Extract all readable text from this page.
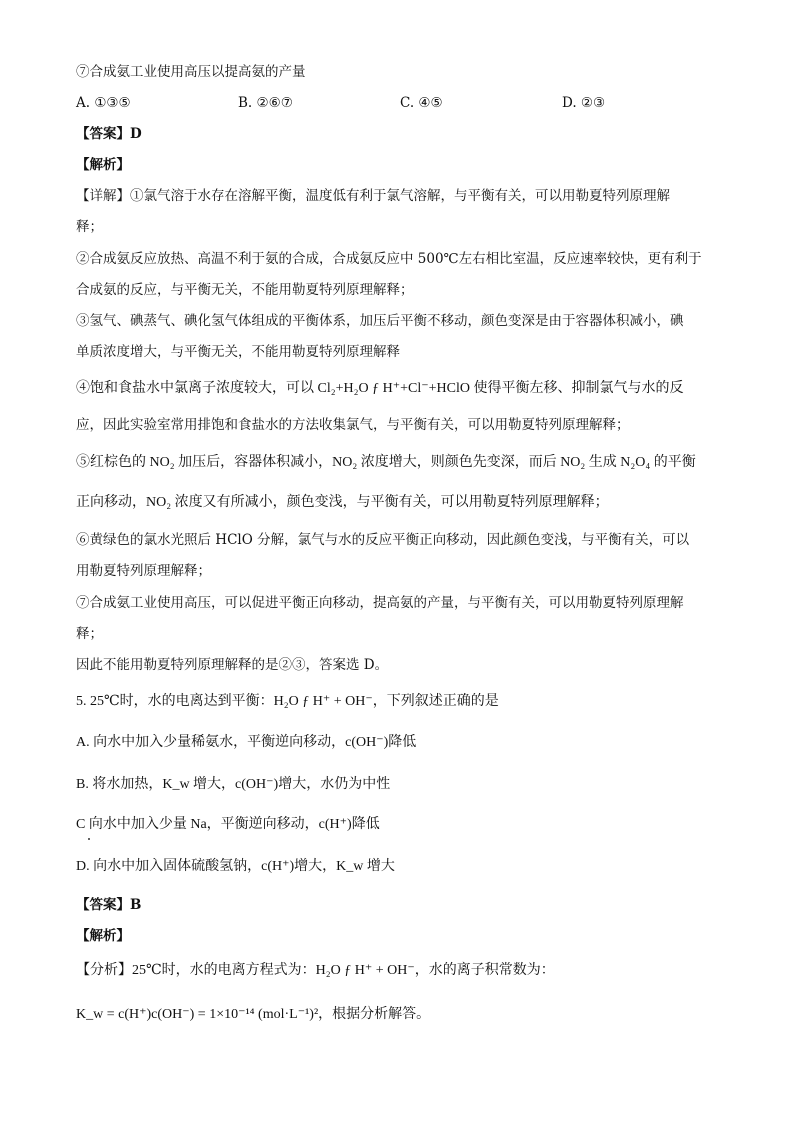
⑦合成氨工业使用高压以提高氨的产量
A. ①③⑤	B. ②⑥⑦	C. ④⑤	D. ②③
【答案】D
【解析】
【详解】①氯气溶于水存在溶解平衡，温度低有利于氯气溶解，与平衡有关，可以用勒夏特列原理解
释；
②合成氨反应放热、高温不利于氨的合成，合成氨反应中 500℃左右相比室温，反应速率较快，更有利于
合成氨的反应，与平衡无关，不能用勒夏特列原理解释；
③氢气、碘蒸气、碘化氢气体组成的平衡体系，加压后平衡不移动，颜色变深是由于容器体积减小，碘
单质浓度增大，与平衡无关，不能用勒夏特列原理解释
④饱和食盐水中氯离子浓度较大，可以 Cl₂+H₂O ƒ H⁺+Cl⁻+HClO 使得平衡左移、抑制氯气与水的反
应，因此实验室常用排饱和食盐水的方法收集氯气，与平衡有关，可以用勒夏特列原理解释；
⑤红棕色的 NO₂ 加压后，容器体积减小，NO₂ 浓度增大，则颜色先变深，而后 NO₂ 生成 N₂O₄ 的平衡
正向移动，NO₂ 浓度又有所减小，颜色变浅，与平衡有关，可以用勒夏特列原理解释；
⑥黄绿色的氯水光照后 HClO 分解，氯气与水的反应平衡正向移动，因此颜色变浅，与平衡有关，可以
用勒夏特列原理解释；
⑦合成氨工业使用高压，可以促进平衡正向移动，提高氨的产量，与平衡有关，可以用勒夏特列原理解
释；
因此不能用勒夏特列原理解释的是②③，答案选 D。
5. 25℃时，水的电离达到平衡：H₂O ƒ H⁺ + OH⁻，下列叙述正确的是
A. 向水中加入少量稀氨水，平衡逆向移动，c(OH⁻)降低
B. 将水加热，K_w 增大，c(OH⁻)增大，水仍为中性
C 向水中加入少量 Na，平衡逆向移动，c(H⁺)降低
D. 向水中加入固体硫酸氢钠，c(H⁺)增大，K_w 增大
【答案】B
【解析】
【分析】25℃时，水的电离方程式为：H₂O ƒ H⁺ + OH⁻，水的离子积常数为：
K_w = c(H⁺)c(OH⁻) = 1×10⁻¹⁴ (mol·L⁻¹)²，根据分析解答。
